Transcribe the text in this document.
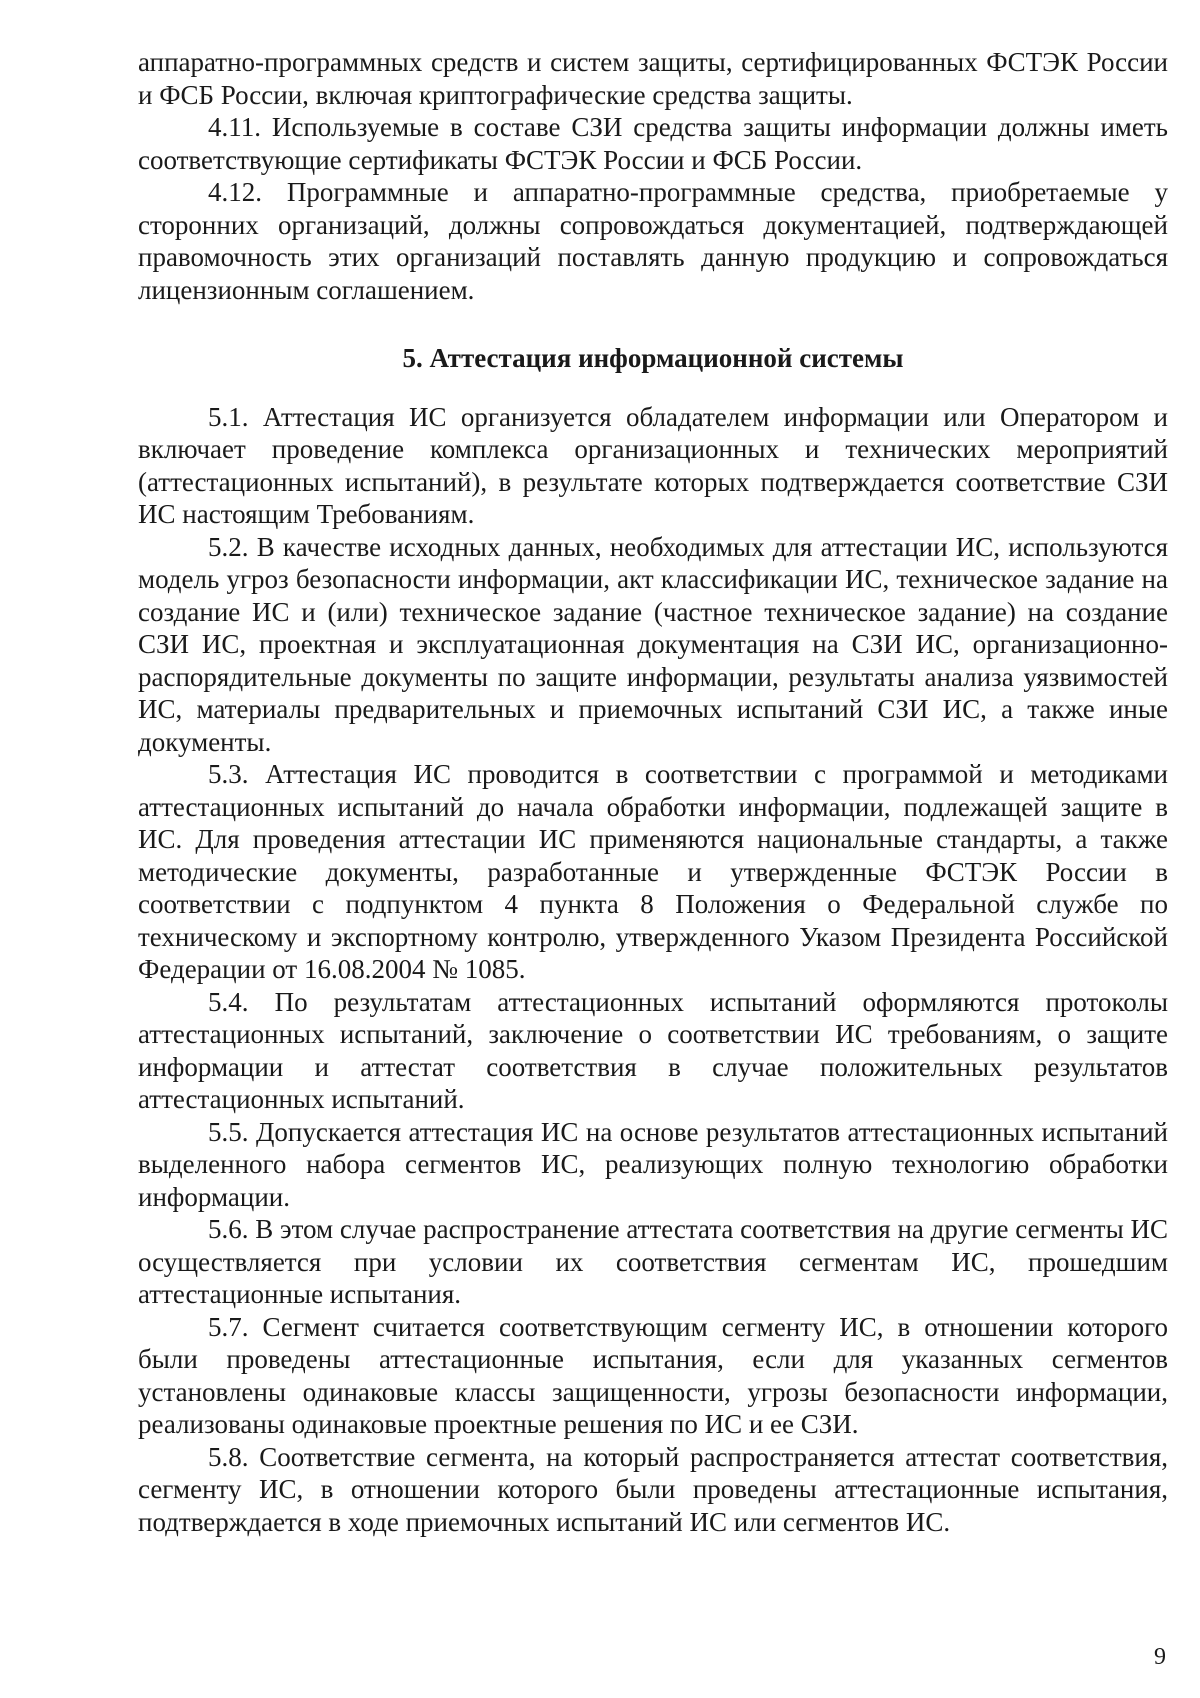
аппаратно-программных средств и систем защиты, сертифицированных ФСТЭК России и ФСБ России, включая криптографические средства защиты.

4.11. Используемые в составе СЗИ средства защиты информации должны иметь соответствующие сертификаты ФСТЭК России и ФСБ России.

4.12. Программные и аппаратно-программные средства, приобретаемые у сторонних организаций, должны сопровождаться документацией, подтверждающей правомочность этих организаций поставлять данную продукцию и сопровождаться лицензионным соглашением.

5. Аттестация информационной системы

5.1. Аттестация ИС организуется обладателем информации или Оператором и включает проведение комплекса организационных и технических мероприятий (аттестационных испытаний), в результате которых подтверждается соответствие СЗИ ИС настоящим Требованиям.

5.2. В качестве исходных данных, необходимых для аттестации ИС, используются модель угроз безопасности информации, акт классификации ИС, техническое задание на создание ИС и (или) техническое задание (частное техническое задание) на создание СЗИ ИС, проектная и эксплуатационная документация на СЗИ ИС, организационно-распорядительные документы по защите информации, результаты анализа уязвимостей ИС, материалы предварительных и приемочных испытаний СЗИ ИС, а также иные документы.

5.3. Аттестация ИС проводится в соответствии с программой и методиками аттестационных испытаний до начала обработки информации, подлежащей защите в ИС. Для проведения аттестации ИС применяются национальные стандарты, а также методические документы, разработанные и утвержденные ФСТЭК России в соответствии с подпунктом 4 пункта 8 Положения о Федеральной службе по техническому и экспортному контролю, утвержденного Указом Президента Российской Федерации от 16.08.2004 № 1085.

5.4. По результатам аттестационных испытаний оформляются протоколы аттестационных испытаний, заключение о соответствии ИС требованиям, о защите информации и аттестат соответствия в случае положительных результатов аттестационных испытаний.

5.5. Допускается аттестация ИС на основе результатов аттестационных испытаний выделенного набора сегментов ИС, реализующих полную технологию обработки информации.

5.6. В этом случае распространение аттестата соответствия на другие сегменты ИС осуществляется при условии их соответствия сегментам ИС, прошедшим аттестационные испытания.

5.7. Сегмент считается соответствующим сегменту ИС, в отношении которого были проведены аттестационные испытания, если для указанных сегментов установлены одинаковые классы защищенности, угрозы безопасности информации, реализованы одинаковые проектные решения по ИС и ее СЗИ.

5.8. Соответствие сегмента, на который распространяется аттестат соответствия, сегменту ИС, в отношении которого были проведены аттестационные испытания, подтверждается в ходе приемочных испытаний ИС или сегментов ИС.

9
